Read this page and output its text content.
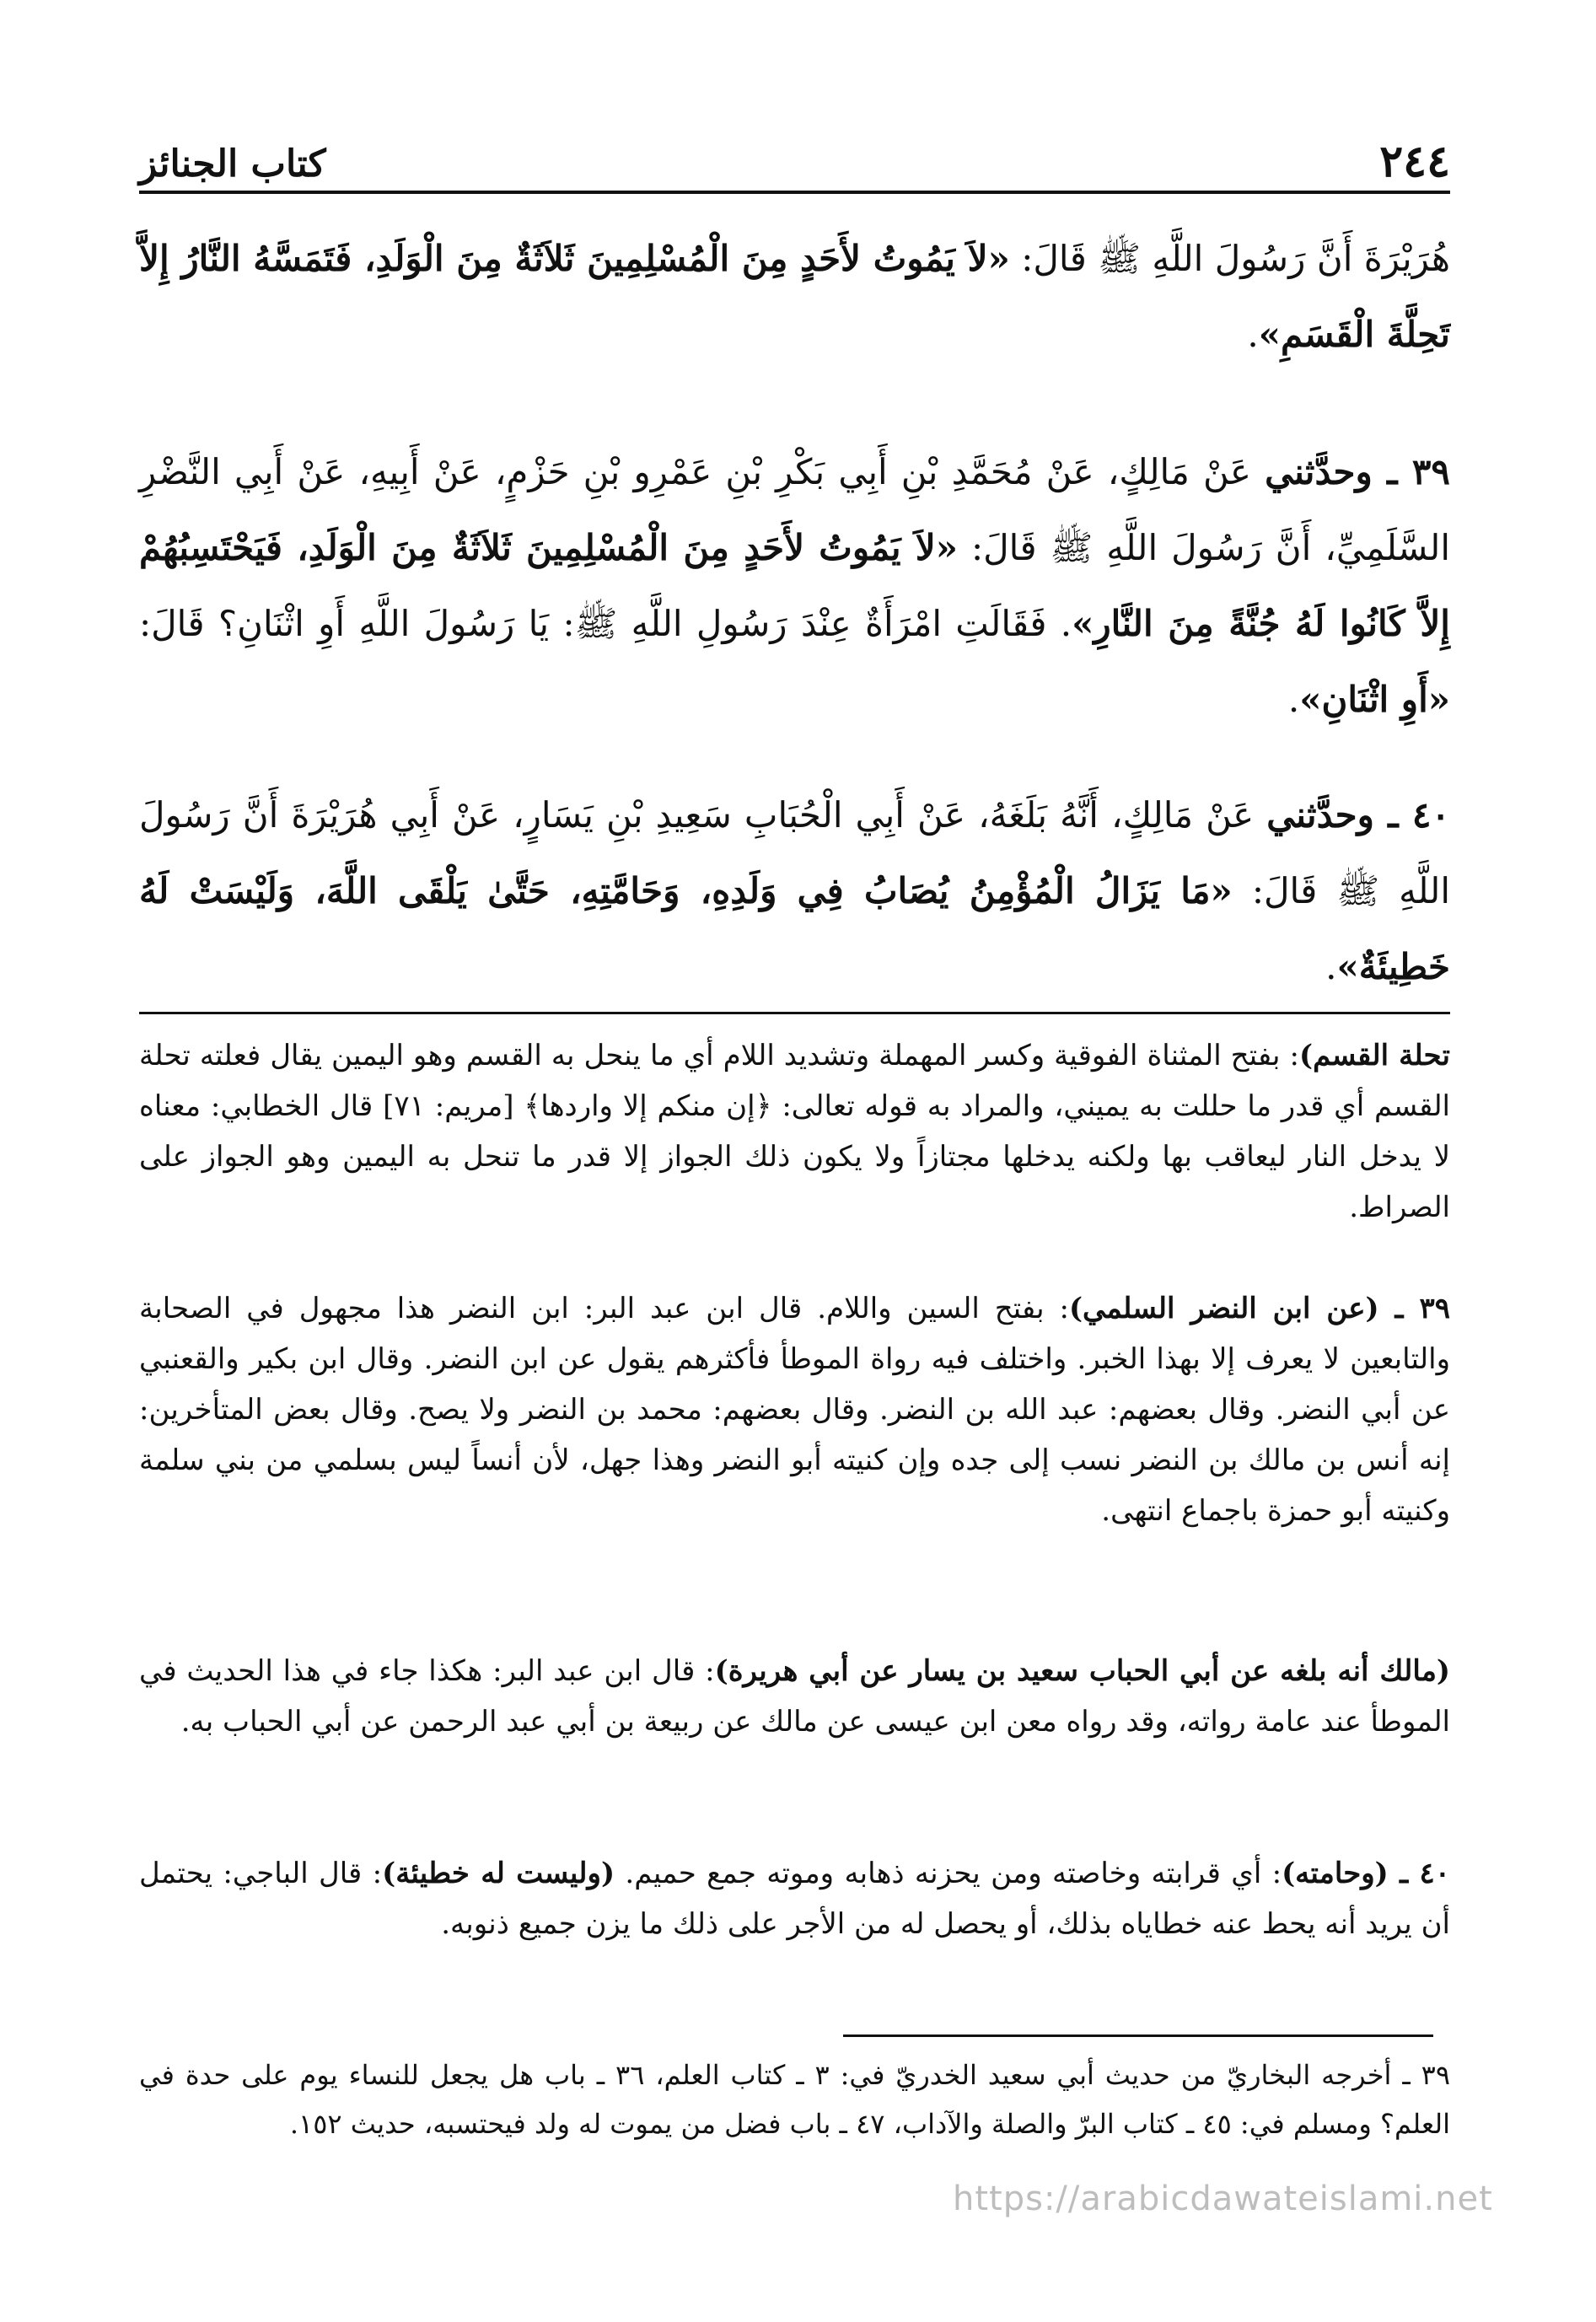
٢٤٤
كتاب الجنائز

هُرَيْرَةَ أَنَّ رَسُولَ اللَّهِ ﷺ قَالَ: «لاَ يَمُوتُ لأَحَدٍ مِنَ الْمُسْلِمِينَ ثَلاَثَةٌ مِنَ الْوَلَدِ، فَتَمَسَّهُ النَّارُ إِلاَّ تَحِلَّةَ الْقَسَمِ».

٣٩ ـ وحدَّثني عَنْ مَالِكٍ، عَنْ مُحَمَّدِ بْنِ أَبِي بَكْرِ بْنِ عَمْرِو بْنِ حَزْمٍ، عَنْ أَبِيهِ، عَنْ أَبِي النَّضْرِ السَّلَمِيِّ، أَنَّ رَسُولَ اللَّهِ ﷺ قَالَ: «لاَ يَمُوتُ لأَحَدٍ مِنَ الْمُسْلِمِينَ ثَلاَثَةٌ مِنَ الْوَلَدِ، فَيَحْتَسِبُهُمْ إِلاَّ كَانُوا لَهُ جُنَّةً مِنَ النَّارِ». فَقَالَتِ امْرَأَةٌ عِنْدَ رَسُولِ اللَّهِ ﷺ: يَا رَسُولَ اللَّهِ أَوِ اثْنَانِ؟ قَالَ: «أَوِ اثْنَانِ».

٤٠ ـ وحدَّثني عَنْ مَالِكٍ، أَنَّهُ بَلَغَهُ، عَنْ أَبِي الْحُبَابِ سَعِيدِ بْنِ يَسَارٍ، عَنْ أَبِي هُرَيْرَةَ أَنَّ رَسُولَ اللَّهِ ﷺ قَالَ: «مَا يَزَالُ الْمُؤْمِنُ يُصَابُ فِي وَلَدِهِ، وَحَامَّتِهِ، حَتَّىٰ يَلْقَى اللَّهَ، وَلَيْسَتْ لَهُ خَطِيئَةٌ».

تحلة القسم): بفتح المثناة الفوقية وكسر المهملة وتشديد اللام أي ما ينحل به القسم وهو اليمين يقال فعلته تحلة القسم أي قدر ما حللت به يميني، والمراد به قوله تعالى: ﴿إن منكم إلا واردها﴾ [مريم: ٧١] قال الخطابي: معناه لا يدخل النار ليعاقب بها ولكنه يدخلها مجتازاً ولا يكون ذلك الجواز إلا قدر ما تنحل به اليمين وهو الجواز على الصراط.

٣٩ ـ (عن ابن النضر السلمي): بفتح السين واللام. قال ابن عبد البر: ابن النضر هذا مجهول في الصحابة والتابعين لا يعرف إلا بهذا الخبر. واختلف فيه رواة الموطأ فأكثرهم يقول عن ابن النضر. وقال ابن بكير والقعنبي عن أبي النضر. وقال بعضهم: عبد الله بن النضر. وقال بعضهم: محمد بن النضر ولا يصح. وقال بعض المتأخرين: إنه أنس بن مالك بن النضر نسب إلى جده وإن كنيته أبو النضر وهذا جهل، لأن أنساً ليس بسلمي من بني سلمة وكنيته أبو حمزة باجماع انتهى.

(مالك أنه بلغه عن أبي الحباب سعيد بن يسار عن أبي هريرة): قال ابن عبد البر: هكذا جاء في هذا الحديث في الموطأ عند عامة رواته، وقد رواه معن ابن عيسى عن مالك عن ربيعة بن أبي عبد الرحمن عن أبي الحباب به.

٤٠ ـ (وحامته): أي قرابته وخاصته ومن يحزنه ذهابه وموته جمع حميم. (وليست له خطيئة): قال الباجي: يحتمل أن يريد أنه يحط عنه خطاياه بذلك، أو يحصل له من الأجر على ذلك ما يزن جميع ذنوبه.

٣٩ ـ أخرجه البخاريّ من حديث أبي سعيد الخدريّ في: ٣ ـ كتاب العلم، ٣٦ ـ باب هل يجعل للنساء يوم على حدة في العلم؟ ومسلم في: ٤٥ ـ كتاب البرّ والصلة والآداب، ٤٧ ـ باب فضل من يموت له ولد فيحتسبه، حديث ١٥٢.

https://arabicdawateislami.net
